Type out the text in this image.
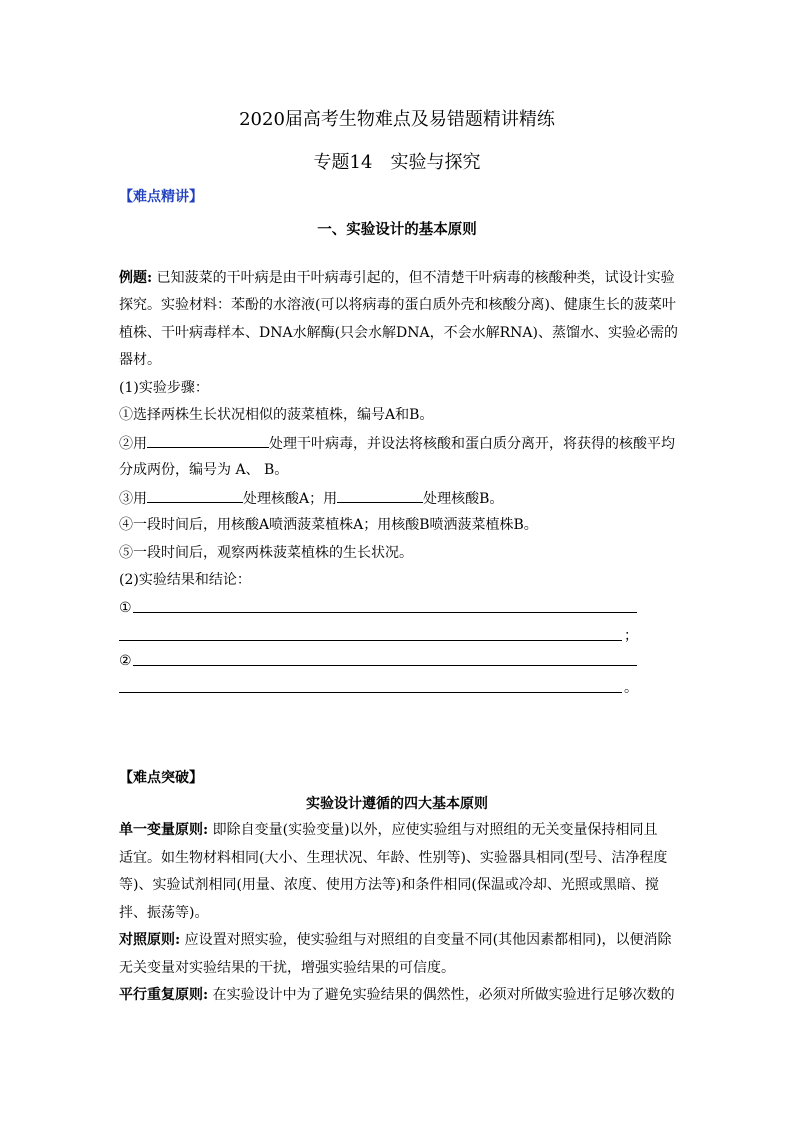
2020届高考生物难点及易错题精讲精练
专题14　实验与探究
【难点精讲】
一、实验设计的基本原则
例题: 已知菠菜的干叶病是由干叶病毒引起的，但不清楚干叶病毒的核酸种类，试设计实验
探究。实验材料：苯酚的水溶液(可以将病毒的蛋白质外壳和核酸分离)、健康生长的菠菜叶
植株、干叶病毒样本、DNA水解酶(只会水解DNA，不会水解RNA)、蒸馏水、实验必需的
器材。
(1)实验步骤：
①选择两株生长状况相似的菠菜植株，编号A和B。
②用	处理干叶病毒，并设法将核酸和蛋白质分离开，将获得的核酸平均
分成两份，编号为 A、 B。
③用	处理核酸A；用	处理核酸B。
④一段时间后，用核酸A喷洒菠菜植株A；用核酸B喷洒菠菜植株B。
⑤一段时间后，观察两株菠菜植株的生长状况。
(2)实验结果和结论：
①
；
②
。
【难点突破】
实验设计遵循的四大基本原则
单一变量原则: 即除自变量(实验变量)以外，应使实验组与对照组的无关变量保持相同且
适宜。如生物材料相同(大小、生理状况、年龄、性别等)、实验器具相同(型号、洁净程度
等)、实验试剂相同(用量、浓度、使用方法等)和条件相同(保温或冷却、光照或黑暗、搅
拌、振荡等)。
对照原则: 应设置对照实验，使实验组与对照组的自变量不同(其他因素都相同)，以便消除
无关变量对实验结果的干扰，增强实验结果的可信度。
平行重复原则: 在实验设计中为了避免实验结果的偶然性，必须对所做实验进行足够次数的
